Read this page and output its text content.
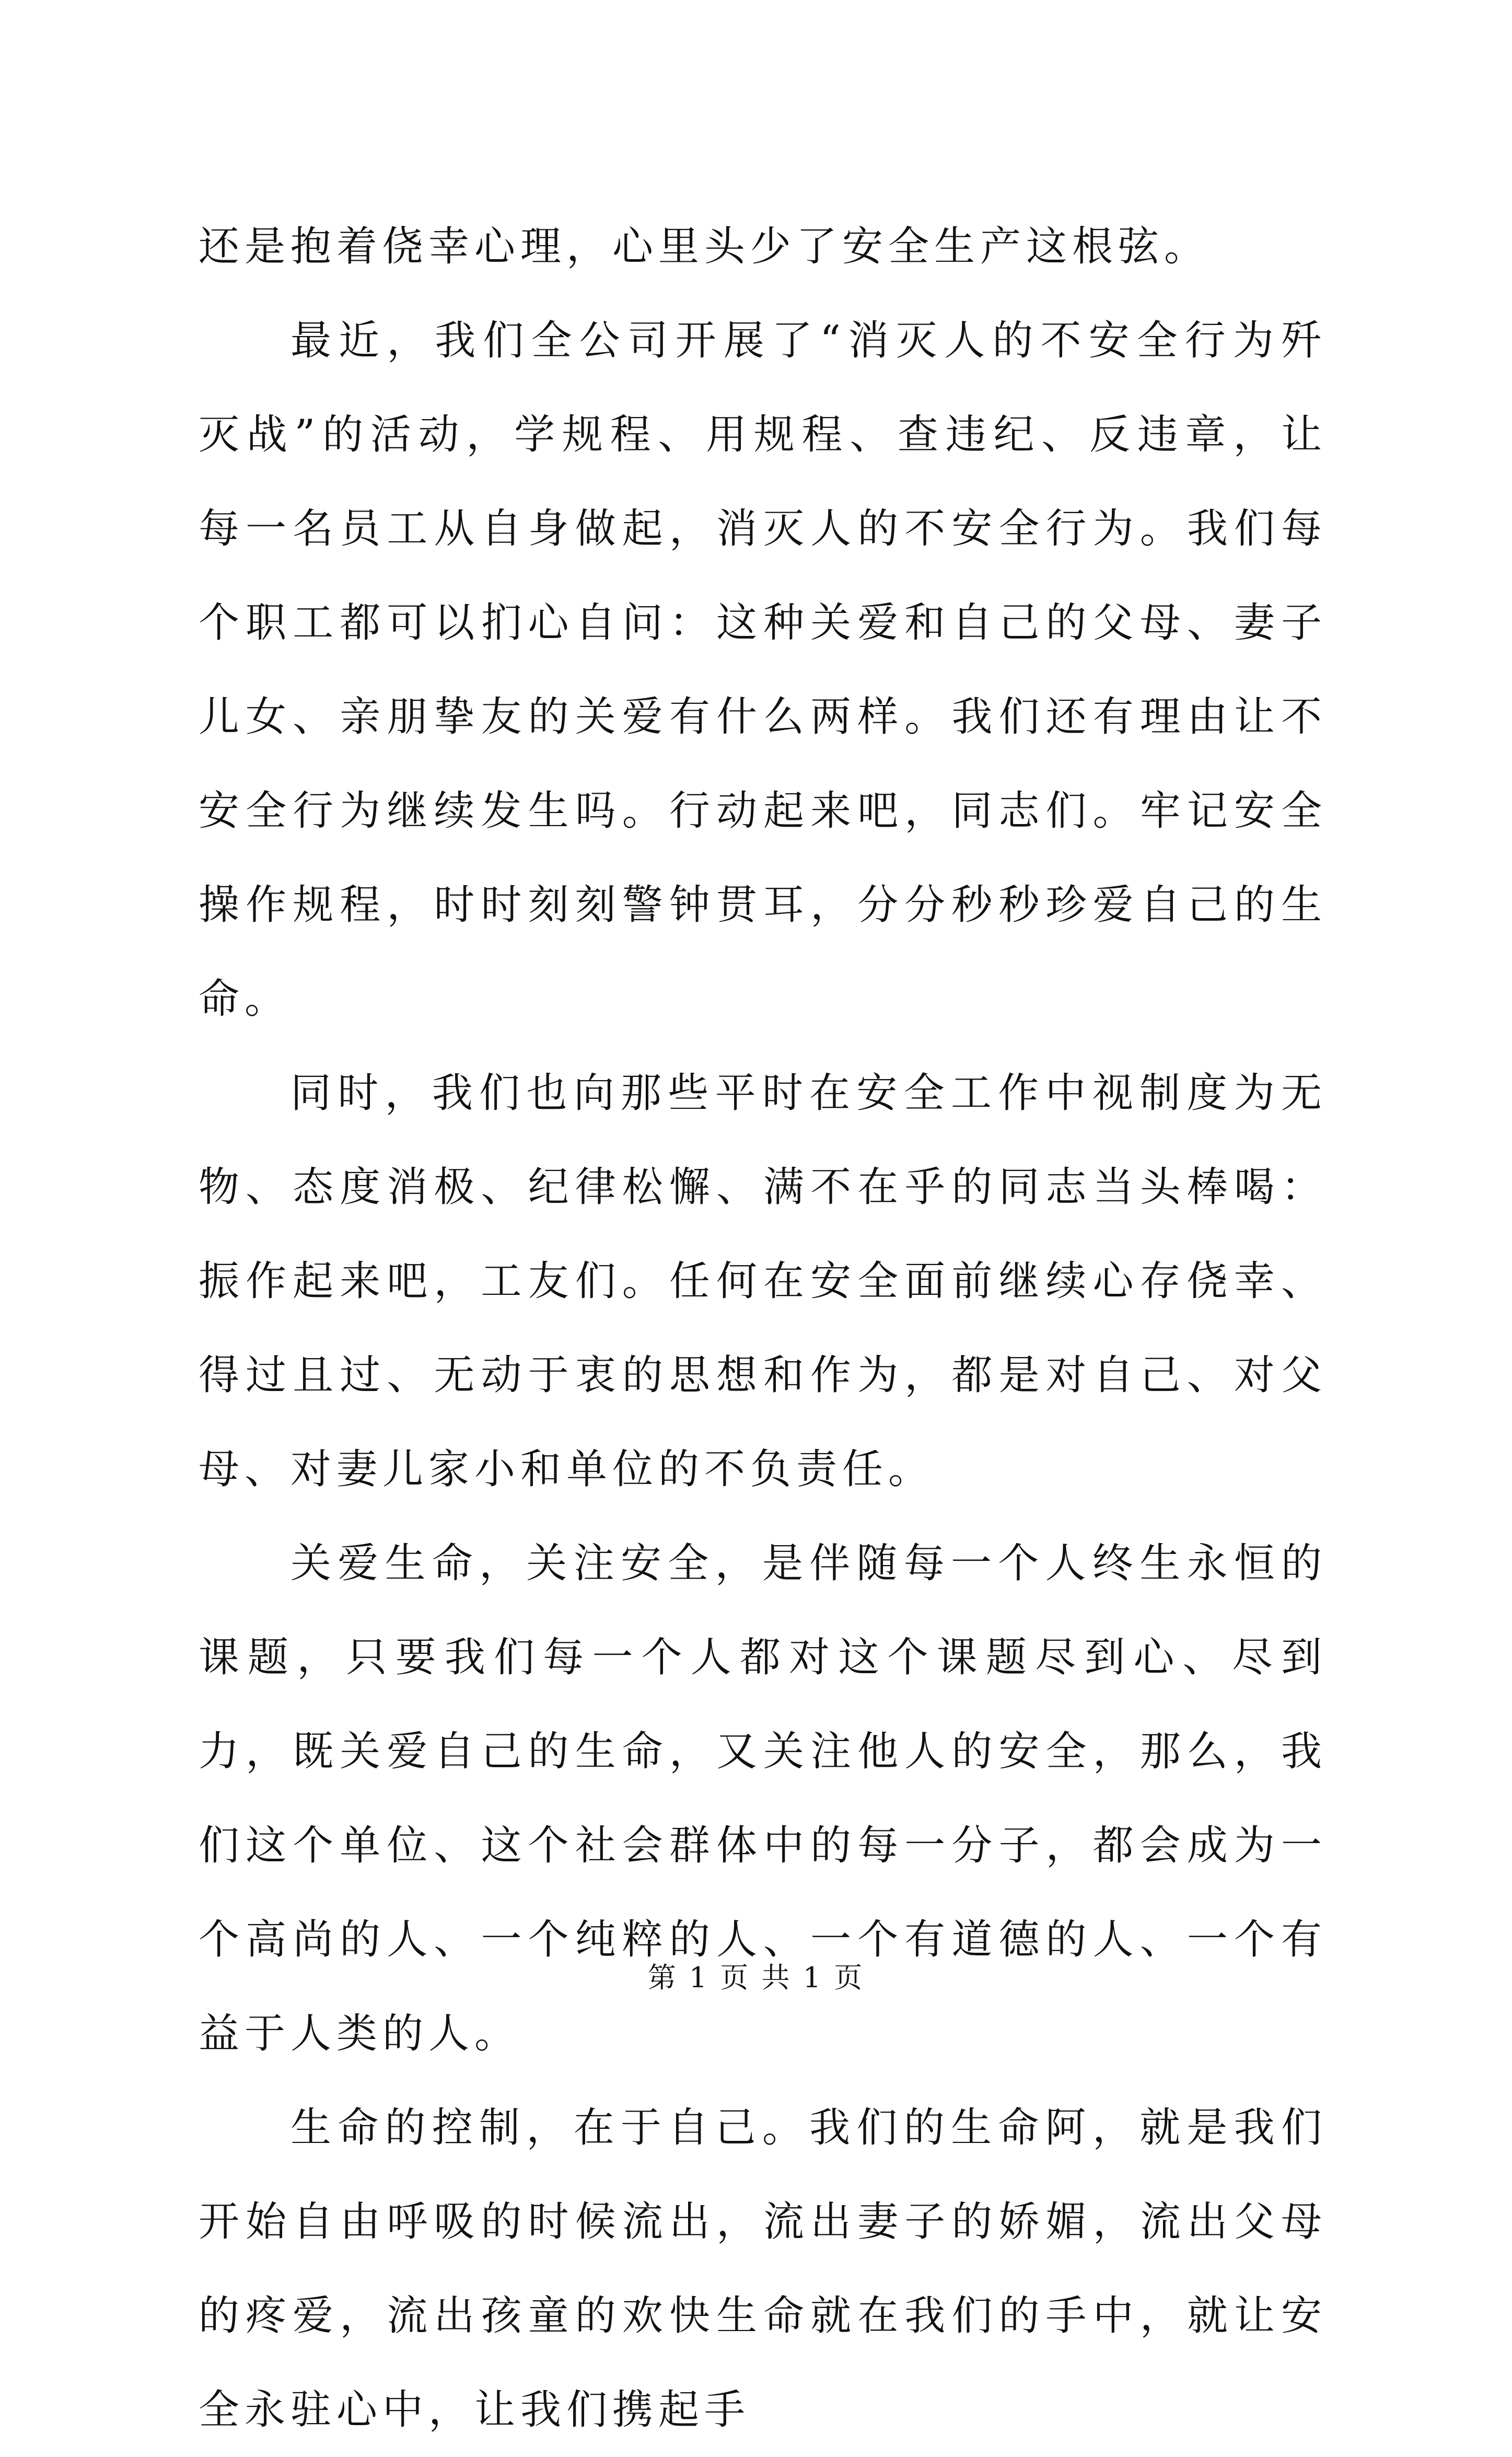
还是抱着侥幸心理，心里头少了安全生产这根弦。

最近，我们全公司开展了“消灭人的不安全行为歼灭战”的活动，学规程、用规程、查违纪、反违章，让每一名员工从自身做起，消灭人的不安全行为。我们每个职工都可以扪心自问：这种关爱和自己的父母、妻子儿女、亲朋挚友的关爱有什么两样。我们还有理由让不安全行为继续发生吗。行动起来吧，同志们。牢记安全操作规程，时时刻刻警钟贯耳，分分秒秒珍爱自己的生命。

同时，我们也向那些平时在安全工作中视制度为无物、态度消极、纪律松懈、满不在乎的同志当头棒喝：振作起来吧，工友们。任何在安全面前继续心存侥幸、得过且过、无动于衷的思想和作为，都是对自己、对父母、对妻儿家小和单位的不负责任。

关爱生命，关注安全，是伴随每一个人终生永恒的课题，只要我们每一个人都对这个课题尽到心、尽到力，既关爱自己的生命，又关注他人的安全，那么，我们这个单位、这个社会群体中的每一分子，都会成为一个高尚的人、一个纯粹的人、一个有道德的人、一个有益于人类的人。

生命的控制，在于自己。我们的生命阿，就是我们开始自由呼吸的时候流出，流出妻子的娇媚，流出父母的疼爱，流出孩童的欢快生命就在我们的手中，就让安全永驻心中，让我们携起手

第 1 页 共 1 页
